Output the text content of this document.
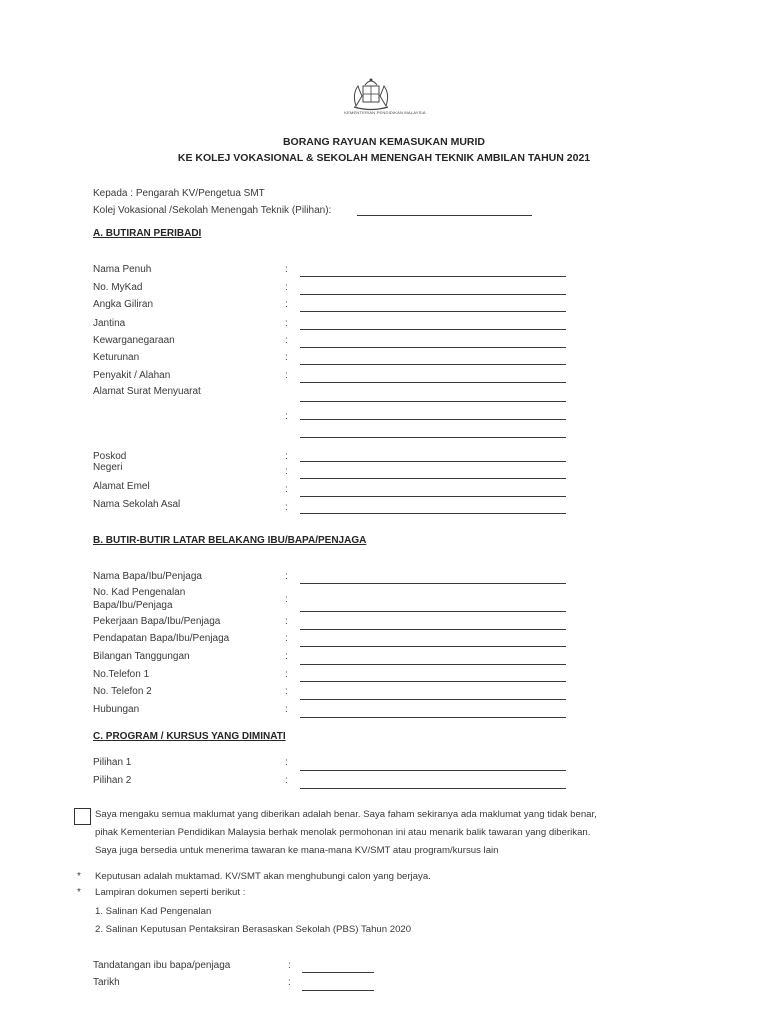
KEMENTERIAN PENDIDIKAN MALAYSIA
BORANG RAYUAN KEMASUKAN MURID
KE KOLEJ VOKASIONAL & SEKOLAH MENENGAH TEKNIK AMBILAN TAHUN 2021
Kepada : Pengarah KV/Pengetua SMT
Kolej Vokasional /Sekolah Menengah Teknik (Pilihan):
A. BUTIRAN PERIBADI
Nama Penuh	:
No. MyKad	:
Angka Giliran	:
Jantina	:
Kewarganegaraan	:
Keturunan	:
Penyakit / Alahan	:
Alamat Surat Menyuarat
:
Poskod	:
Negeri	:
Alamat Emel	:
Nama Sekolah Asal	:
B. BUTIR-BUTIR LATAR BELAKANG IBU/BAPA/PENJAGA
Nama Bapa/Ibu/Penjaga	:
No. Kad Pengenalan
Bapa/Ibu/Penjaga
:
Pekerjaan Bapa/Ibu/Penjaga	:
Pendapatan Bapa/Ibu/Penjaga	:
Bilangan Tanggungan	:
No.Telefon 1	:
No. Telefon 2	:
Hubungan	:
C. PROGRAM / KURSUS YANG DIMINATI
Pilihan 1	:
Pilihan 2	:
Saya mengaku semua maklumat yang diberikan adalah benar. Saya faham sekiranya ada maklumat yang tidak benar,
pihak Kementerian Pendidikan Malaysia berhak menolak permohonan ini atau menarik balik tawaran yang diberikan.
Saya juga bersedia untuk menerima tawaran ke mana-mana KV/SMT atau program/kursus lain
* Keputusan adalah muktamad. KV/SMT akan menghubungi calon yang berjaya.
* Lampiran dokumen seperti berikut :
1. Salinan Kad Pengenalan
2. Salinan Keputusan Pentaksiran Berasaskan Sekolah (PBS) Tahun 2020
Tandatangan ibu bapa/penjaga	:
Tarikh	:
